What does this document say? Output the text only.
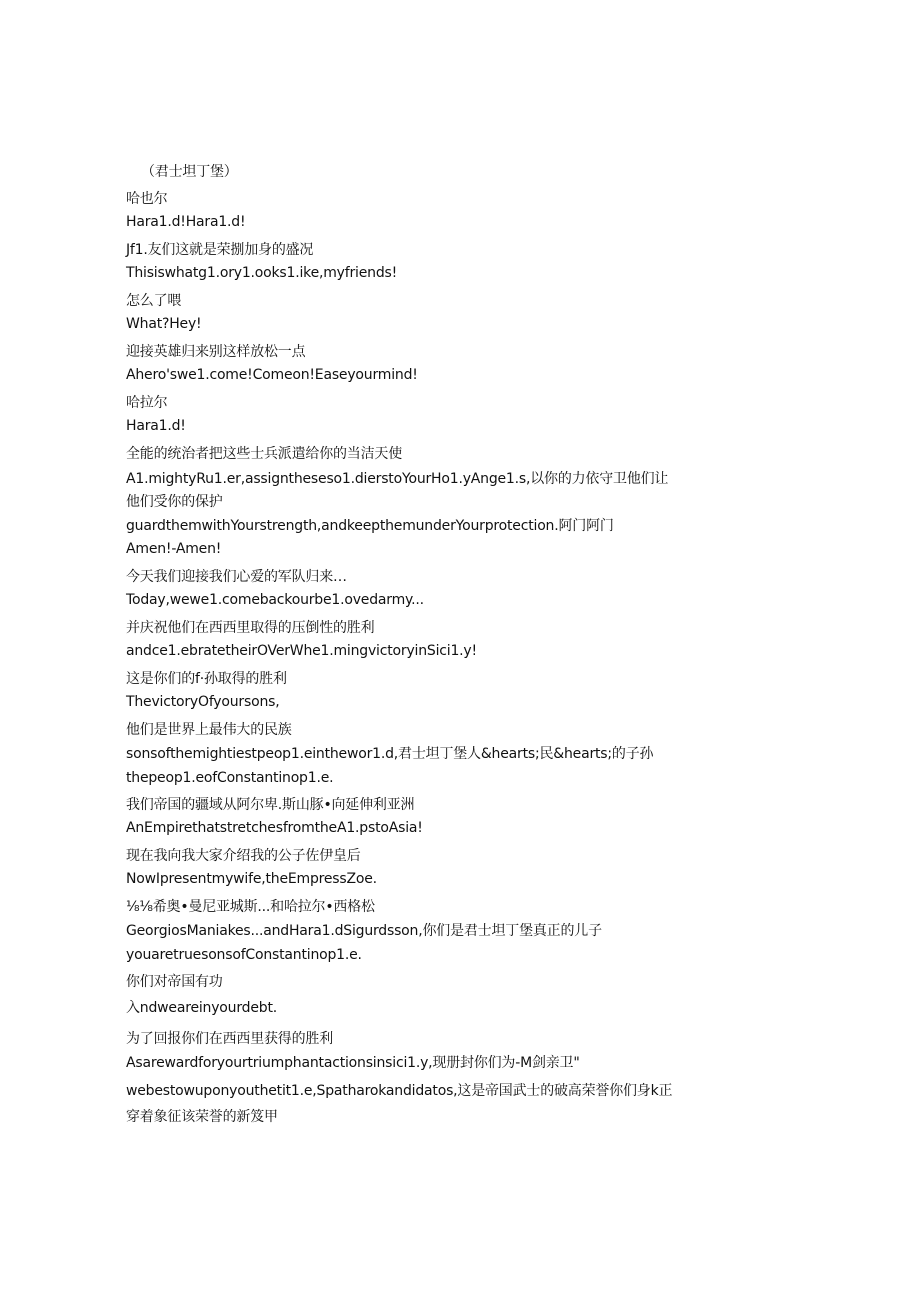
（君士坦丁堡）
哈也尔
Hara1.d!Hara1.d!
Jf1.友们这就是荣捌加身的盛况
Thisiswhatg1.ory1.ooks1.ike,myfriends!
怎么了喂
What?Hey!
迎接英雄归来别这样放松一点
Ahero'swe1.come!Comeon!Easeyourmind!
哈拉尔
Hara1.d!
全能的统治者把这些士兵派遣给你的当洁天使
A1.mightyRu1.er,assigntheseso1.dierstoYourHo1.yAnge1.s,以你的力依守卫他们让
他们受你的保护
guardthemwithYourstrength,andkeepthemunderYourprotection.阿门阿门
Amen!-Amen!
今天我们迎接我们心爱的军队归来…
Today,wewe1.comebackourbe1.ovedarmy...
并庆祝他们在西西里取得的压倒性的胜利
andce1.ebratetheirOVerWhe1.mingvictoryinSici1.y!
这是你们的f·孙取得的胜利
ThevictoryOfyoursons,
他们是世界上最伟大的民族
sonsofthemightiestpeop1.einthewor1.d,君士坦丁堡人&hearts;民&hearts;的子孙
thepeop1.eofConstantinop1.e.
我们帝国的疆域从阿尔卑.斯山豚•向延伸利亚洲
AnEmpirethatstretchesfromtheA1.pstoAsia!
现在我向我大家介绍我的公子佐伊皇后
NowIpresentmywife,theEmpressZoe.
⅛⅛希奥•曼尼亚城斯...和哈拉尔•西格松
GeorgiosManiakes...andHara1.dSigurdsson,你们是君士坦丁堡真正的儿子
youaretruesonsofConstantinop1.e.
你们对帝国有功
入ndweareinyourdebt.
为了回报你们在西西里获得的胜利
Asarewardforyourtriumphantactionsinsici1.y,现册封你们为-M剑亲卫"
webestowuponyouthetit1.e,Spatharokandidatos,这是帝国武士的破高荣誉你们身k正
穿着象征该荣誉的新笈甲
